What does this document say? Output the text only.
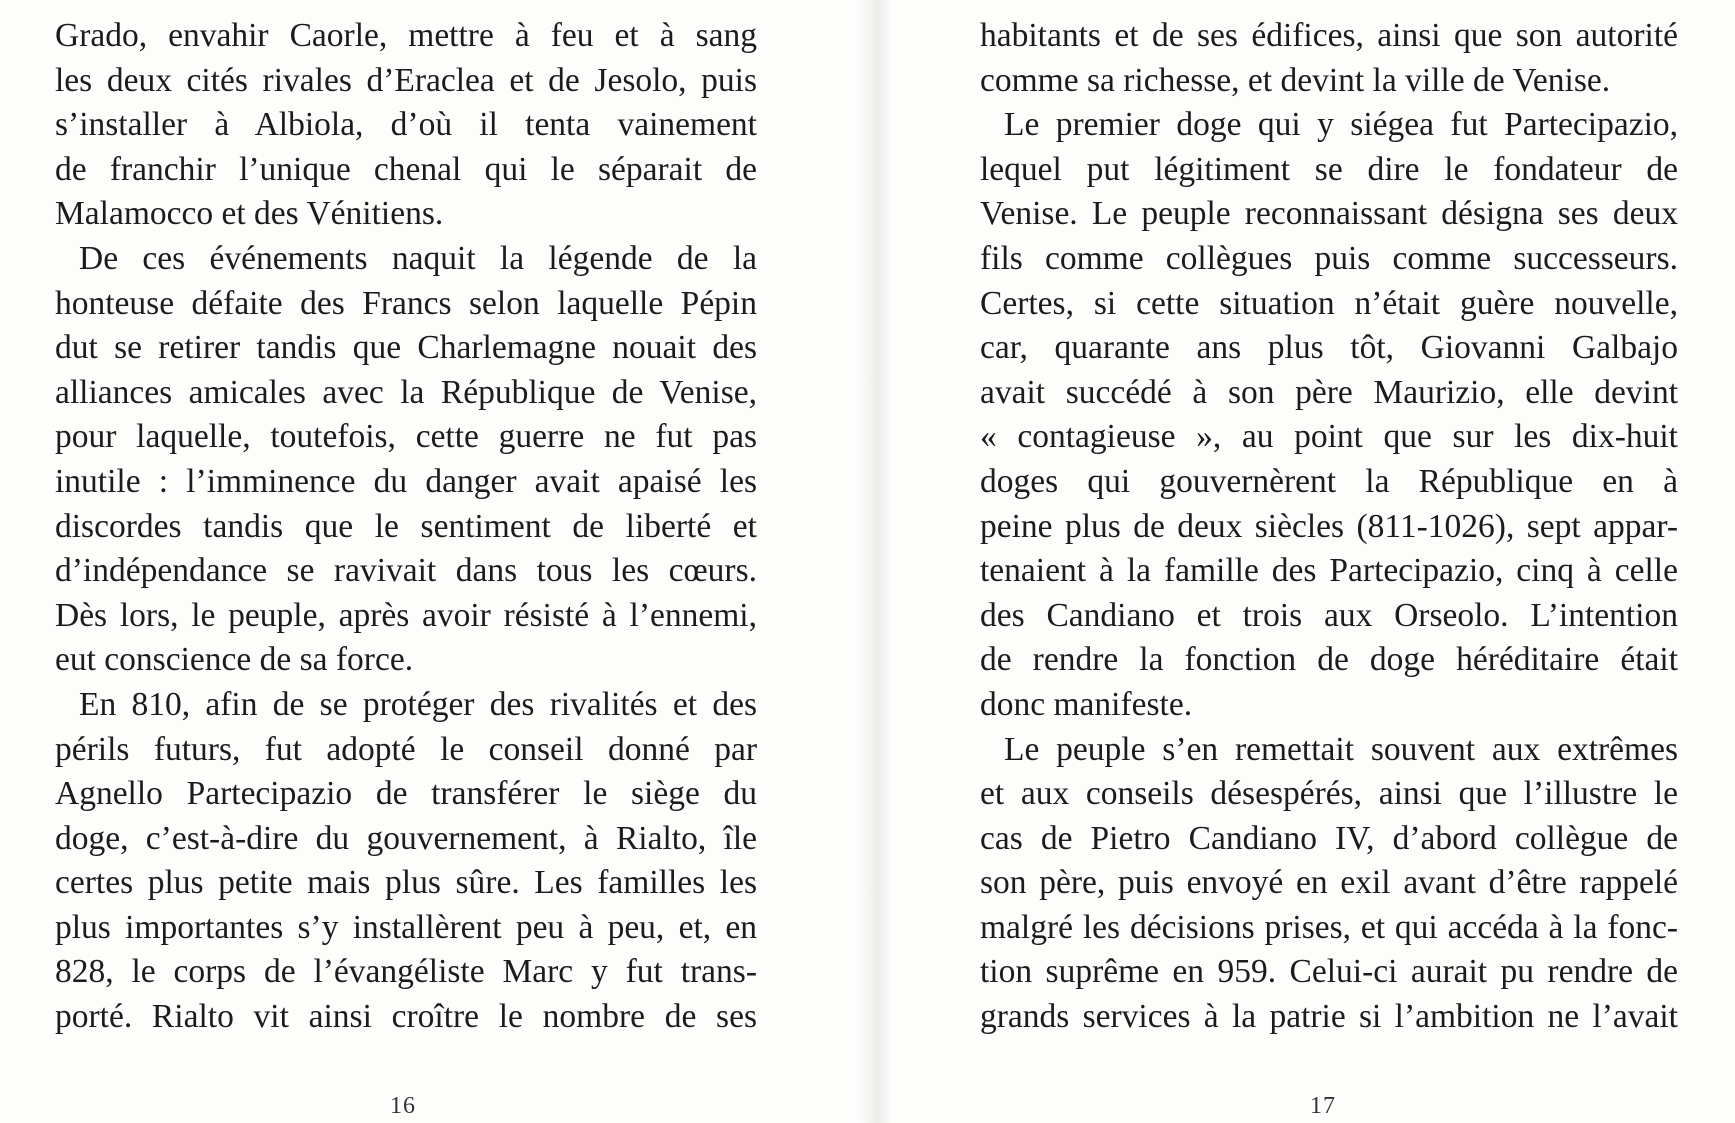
Grado, envahir Caorle, mettre à feu et à sang
les deux cités rivales d’Eraclea et de Jesolo, puis
s’installer à Albiola, d’où il tenta vainement
de franchir l’unique chenal qui le séparait de
Malamocco et des Vénitiens.
De ces événements naquit la légende de la
honteuse défaite des Francs selon laquelle Pépin
dut se retirer tandis que Charlemagne nouait des
alliances amicales avec la République de Venise,
pour laquelle, toutefois, cette guerre ne fut pas
inutile : l’imminence du danger avait apaisé les
discordes tandis que le sentiment de liberté et
d’indépendance se ravivait dans tous les cœurs.
Dès lors, le peuple, après avoir résisté à l’ennemi,
eut conscience de sa force.
En 810, afin de se protéger des rivalités et des
périls futurs, fut adopté le conseil donné par
Agnello Partecipazio de transférer le siège du
doge, c’est-à-dire du gouvernement, à Rialto, île
certes plus petite mais plus sûre. Les familles les
plus importantes s’y installèrent peu à peu, et, en
828, le corps de l’évangéliste Marc y fut trans-
porté. Rialto vit ainsi croître le nombre de ses
habitants et de ses édifices, ainsi que son autorité
comme sa richesse, et devint la ville de Venise.
Le premier doge qui y siégea fut Partecipazio,
lequel put légitiment se dire le fondateur de
Venise. Le peuple reconnaissant désigna ses deux
fils comme collègues puis comme successeurs.
Certes, si cette situation n’était guère nouvelle,
car, quarante ans plus tôt, Giovanni Galbajo
avait succédé à son père Maurizio, elle devint
« contagieuse », au point que sur les dix-huit
doges qui gouvernèrent la République en à
peine plus de deux siècles (811-1026), sept appar-
tenaient à la famille des Partecipazio, cinq à celle
des Candiano et trois aux Orseolo. L’intention
de rendre la fonction de doge héréditaire était
donc manifeste.
Le peuple s’en remettait souvent aux extrêmes
et aux conseils désespérés, ainsi que l’illustre le
cas de Pietro Candiano IV, d’abord collègue de
son père, puis envoyé en exil avant d’être rappelé
malgré les décisions prises, et qui accéda à la fonc-
tion suprême en 959. Celui-ci aurait pu rendre de
grands services à la patrie si l’ambition ne l’avait
16	17
